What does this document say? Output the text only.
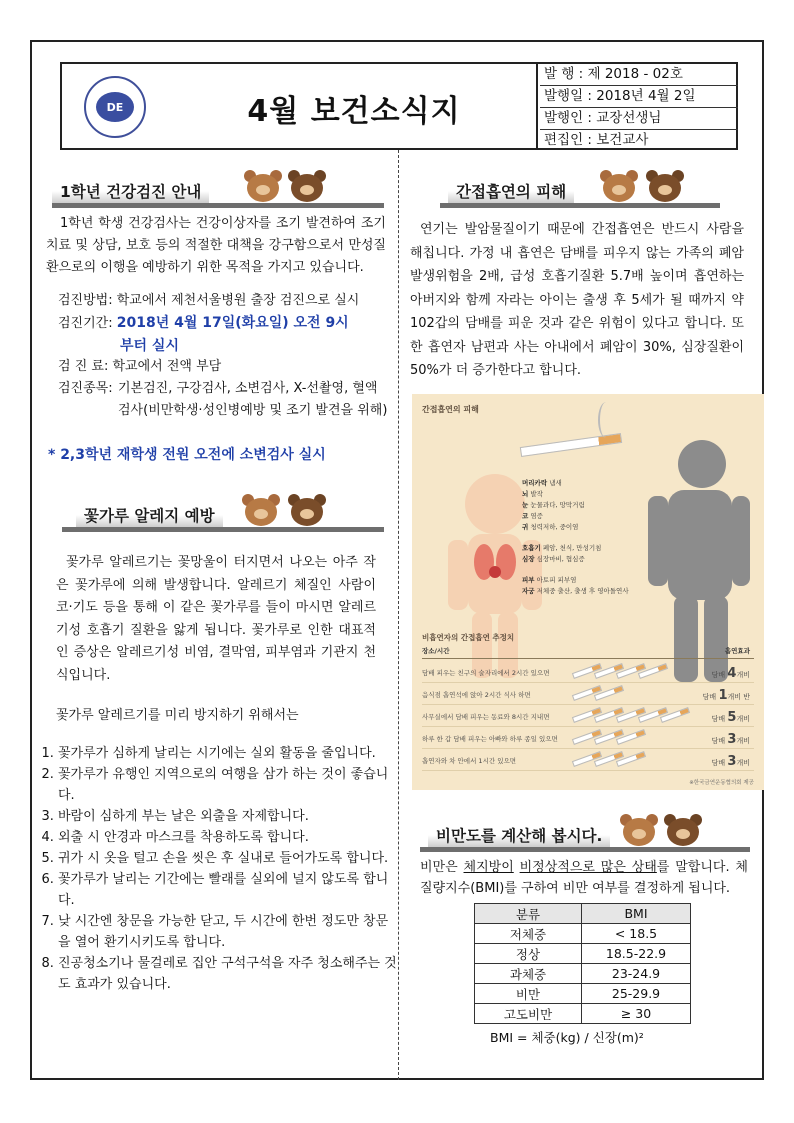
DE	4월 보건소식지
발 행 : 제 2018 - 02호
발행일 : 2018년 4월 2일
발행인 : 교장선생님
편집인 : 보건교사
1학년 건강검진 안내
1학년 학생 건강검사는 건강이상자를 조기 발견하여 조기치료 및 상담, 보호 등의 적절한 대책을 강구함으로서 만성질환으로의 이행을 예방하기 위한 목적을 가지고 있습니다.
검진방법: 학교에서 제천서울병원 출장 검진으로 실시
검진기간: 2018년 4월 17일(화요일) 오전 9시
부터 실시
검 진 료: 학교에서 전액 부담
검진종목: 기본검진, 구강검사, 소변검사, X-선촬영, 혈액검사(비만학생·성인병예방 및 조기 발견을 위해)
* 2,3학년 재학생 전원 오전에 소변검사 실시
꽃가루 알레지 예방
꽃가루 알레르기는 꽃망울이 터지면서 나오는 아주 작은 꽃가루에 의해 발생합니다. 알레르기 체질인 사람이 코·기도 등을 통해 이 같은 꽃가루를 들이 마시면 알레르기성 호흡기 질환을 앓게 됩니다. 꽃가루로 인한 대표적인 증상은 알레르기성 비염, 결막염, 피부염과 기관지 천식입니다.
꽃가루 알레르기를 미리 방지하기 위해서는
1. 꽃가루가 심하게 날리는 시기에는 실외 활동을 줄입니다.
2. 꽃가루가 유행인 지역으로의 여행을 삼가 하는 것이 좋습니다.
3. 바람이 심하게 부는 날은 외출을 자제합니다.
4. 외출 시 안경과 마스크를 착용하도록 합니다.
5. 귀가 시 옷을 털고 손을 씻은 후 실내로 들어가도록 합니다.
6. 꽃가루가 날리는 기간에는 빨래를 실외에 널지 않도록 합니다.
7. 낮 시간엔 창문을 가능한 닫고, 두 시간에 한번 정도만 창문을 열어 환기시키도록 합니다.
8. 진공청소기나 물걸레로 집안 구석구석을 자주 청소해주는 것도 효과가 있습니다.
간접흡연의 피해
연기는 발암물질이기 때문에 간접흡연은 반드시 사람을 해칩니다. 가정 내 흡연은 담배를 피우지 않는 가족의 폐암 발생위험을 2배, 급성 호흡기질환 5.7배 높이며 흡연하는 아버지와 함께 자라는 아이는 출생 후 5세가 될 때까지 약 102갑의 담배를 피운 것과 같은 위험이 있다고 합니다. 또한 흡연자 남편과 사는 아내에서 폐암이 30%, 심장질환이 50%가 더 증가한다고 합니다.
간접흡연의 피해
머리카락 냄새
뇌 발작
눈 눈물과다, 망막거림
코 염증
귀 청력저하, 중이염
호흡기 폐암, 천식, 만성기침
심장 심장마비, 협심증
피부 아토피 피부염
자궁 저체중 출산, 출생 후 영아돌연사
비흡연자의 간접흡연 추정치
장소/시간	흡연효과
담배 피우는 친구의 술자리에서 2시간 있으면	담배 4개비
음식점 흡연석에 앉아 2시간 식사 하면	담배 1개비 반
사무실에서 담배 피우는 동료와 8시간 지내면	담배 5개비
하루 한 갑 담배 피우는 아빠와 하루 종일 있으면	담배 3개비
흡연자와 차 안에서 1시간 있으면	담배 3개비
※한국금연운동협의회 제공
비만도를 계산해 봅시다.
비만은 체지방이 비정상적으로 많은 상태를 말합니다. 체질량지수(BMI)를 구하여 비만 여부를 결정하게 됩니다.
분류	BMI
저체중	< 18.5
정상	18.5-22.9
과체중	23-24.9
비만	25-29.9
고도비만	≥ 30
BMI = 체중(kg) / 신장(m)²
